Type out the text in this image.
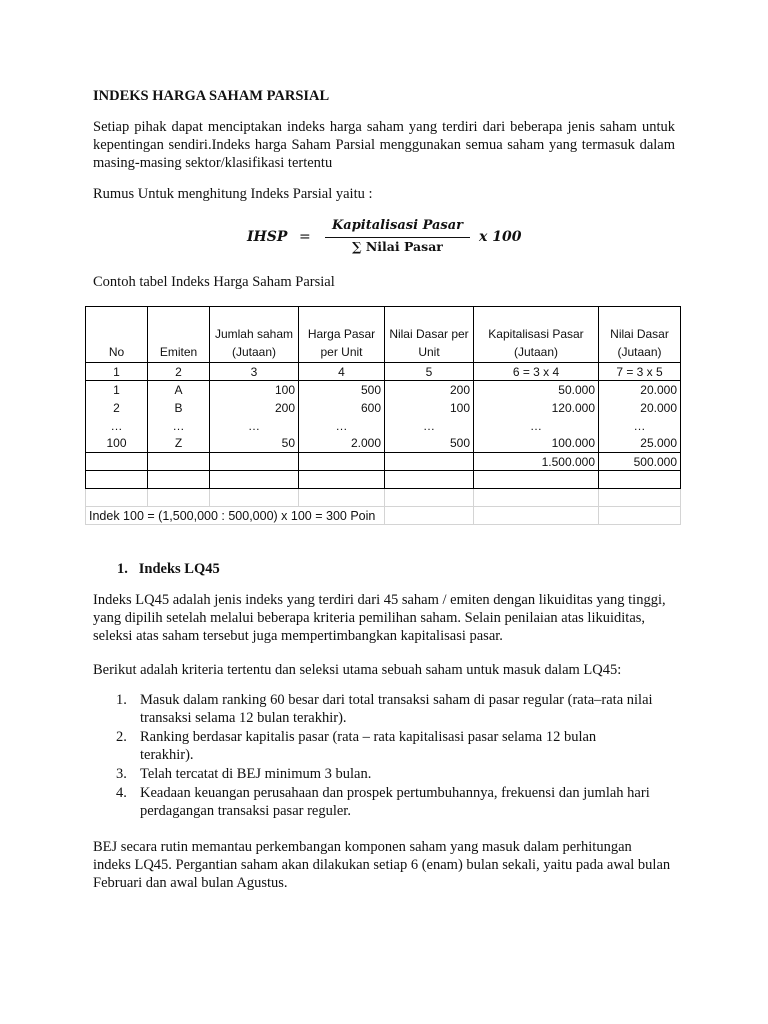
INDEKS HARGA SAHAM PARSIAL
Setiap pihak dapat menciptakan indeks harga saham yang terdiri dari beberapa jenis saham untuk kepentingan sendiri.Indeks harga Saham Parsial menggunakan semua saham yang termasuk dalam masing-masing sektor/klasifikasi tertentu
Rumus Untuk menghitung Indeks Parsial yaitu :
IHSP =
Kapitalisasi Pasar
∑ Nilai Pasar
x 100
Contoh tabel Indeks Harga Saham Parsial
No	Emiten	Jumlah saham (Jutaan)	Harga Pasar per Unit	Nilai Dasar per Unit	Kapitalisasi Pasar (Jutaan)	Nilai Dasar (Jutaan)
1	2	3	4	5	6 = 3 x 4	7 = 3 x 5
1	A	100	500	200	50.000	20.000
2	B	200	600	100	120.000	20.000
…	…	…	…	…	…	…
100	Z	50	2.000	500	100.000	25.000
					1.500.000	500.000

Indek 100 = (1,500,000 : 500,000) x 100 = 300 Poin						
1.   Indeks LQ45
Indeks LQ45 adalah jenis indeks yang terdiri dari 45 saham / emiten dengan likuiditas yang tinggi, yang dipilih setelah melalui beberapa kriteria pemilihan saham. Selain penilaian atas likuiditas, seleksi atas saham tersebut juga mempertimbangkan kapitalisasi pasar.
Berikut adalah kriteria tertentu dan seleksi utama sebuah saham untuk masuk dalam LQ45:
1. Masuk dalam ranking 60 besar dari total transaksi saham di pasar regular (rata–rata nilai transaksi selama 12 bulan terakhir).
2. Ranking berdasar kapitalis pasar (rata – rata kapitalisasi pasar selama 12 bulan terakhir).
3. Telah tercatat di BEJ minimum 3 bulan.
4. Keadaan keuangan perusahaan dan prospek pertumbuhannya, frekuensi dan jumlah hari perdagangan transaksi pasar reguler.
BEJ secara rutin memantau perkembangan komponen saham yang masuk dalam perhitungan indeks LQ45. Pergantian saham akan dilakukan setiap 6 (enam) bulan sekali, yaitu pada awal bulan Februari dan awal bulan Agustus.
